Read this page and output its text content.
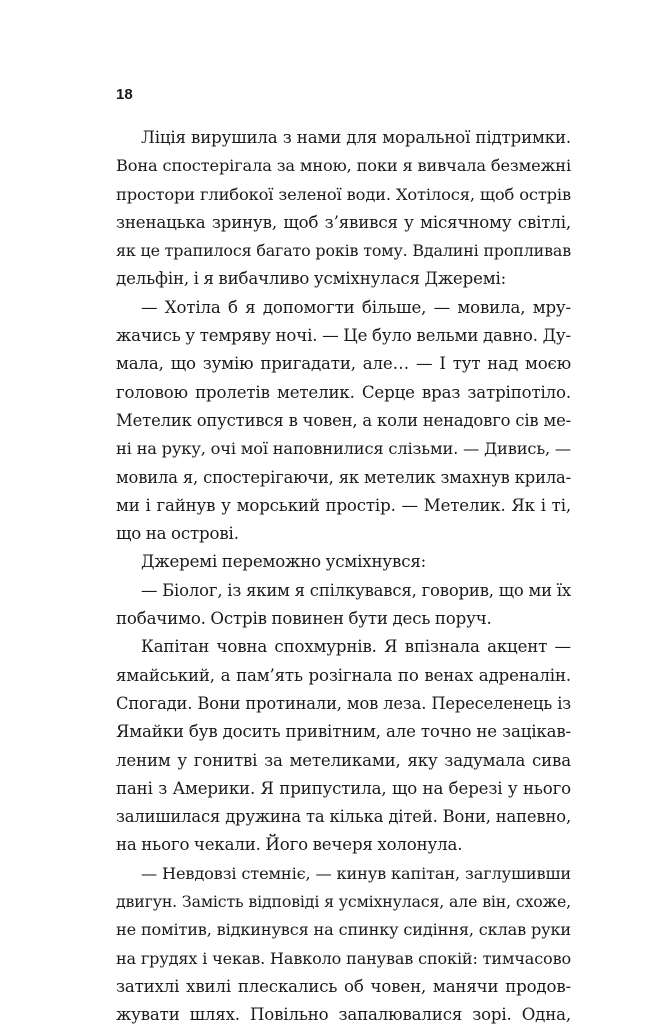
18
Ліція вирушила з нами для моральної підтримки.
Вона спостерігала за мною, поки я вивчала безмежні
простори глибокої зеленої води. Хотілося, щоб острів
зненацька зринув, щоб з’явився у місячному світлі,
як це трапилося багато років тому. Вдалині пропливав
дельфін, і я вибачливо усміхнулася Джеремі:
— Хотіла б я допомогти більше, — мовила, мру-
жачись у темряву ночі. — Це було вельми давно. Ду-
мала, що зумію пригадати, але… — І тут над моєю
головою пролетів метелик. Серце враз затріпотіло.
Метелик опустився в човен, а коли ненадовго сів ме-
ні на руку, очі мої наповнилися слізьми. — Дивись, —
мовила я, спостерігаючи, як метелик змахнув крила-
ми і гайнув у морський простір. — Метелик. Як і ті,
що на острові.
Джеремі переможно усміхнувся:
— Біолог, із яким я спілкувався, говорив, що ми їх
побачимо. Острів повинен бути десь поруч.
Капітан човна спохмурнів. Я впізнала акцент —
ямайський, а пам’ять розігнала по венах адреналін.
Спогади. Вони протинали, мов леза. Переселенець із
Ямайки був досить привітним, але точно не зацікав-
леним у гонитві за метеликами, яку задумала сива
пані з Америки. Я припустила, що на березі у нього
залишилася дружина та кілька дітей. Вони, напевно,
на нього чекали. Його вечеря холонула.
— Невдовзі стемніє, — кинув капітан, заглушивши
двигун. Замість відповіді я усміхнулася, але він, схоже,
не помітив, відкинувся на спинку сидіння, склав руки
на грудях і чекав. Навколо панував спокій: тимчасово
затихлі хвилі плескались об човен, манячи продов-
жувати шлях. Повільно запалювалися зорі. Одна,
